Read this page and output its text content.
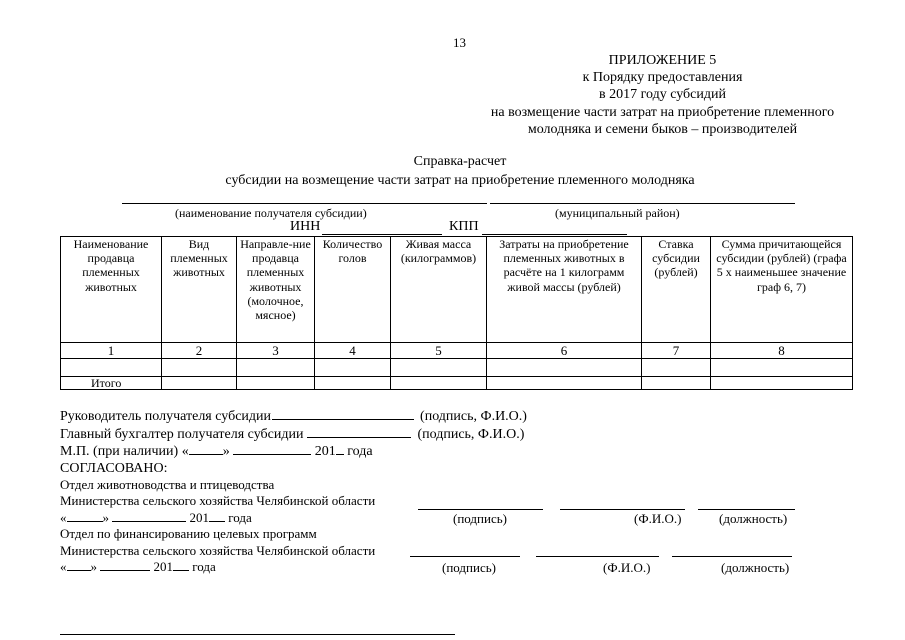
13
ПРИЛОЖЕНИЕ 5
к Порядку предоставления
в 2017 году субсидий
на возмещение части затрат на приобретение племенного
молодняка и семени быков – производителей
Справка-расчет
субсидии на возмещение части затрат на приобретение племенного молодняка
(наименование получателя субсидии)	(муниципальный район)
ИНН	КПП
Наименование продавца племенных животных	Вид племенных животных	Направле-ние продавца племенных животных (молочное, мясное)	Количество голов	Живая масса (килограммов)	Затраты на приобретение племенных животных в расчёте на 1 килограмм живой массы (рублей)	Ставка субсидии (рублей)	Сумма причитающейся субсидии (рублей) (графа 5 х наименьшее значение граф 6, 7)
1	2	3	4	5	6	7	8

Итого							
Руководитель получателя субсидии	(подпись, Ф.И.О.)
Главный бухгалтер получателя субсидии	(подпись, Ф.И.О.)
М.П. (при наличии) « »	201 года
СОГЛАСОВАНО:
Отдел животноводства и птицеводства
Министерства сельского хозяйства Челябинской области
«	»	201 года
Отдел по финансированию целевых программ
Министерства сельского хозяйства Челябинской области
« »	201 года
(подпись)	(Ф.И.О.)	(должность)
(подпись)	(Ф.И.О.)	(должность)
